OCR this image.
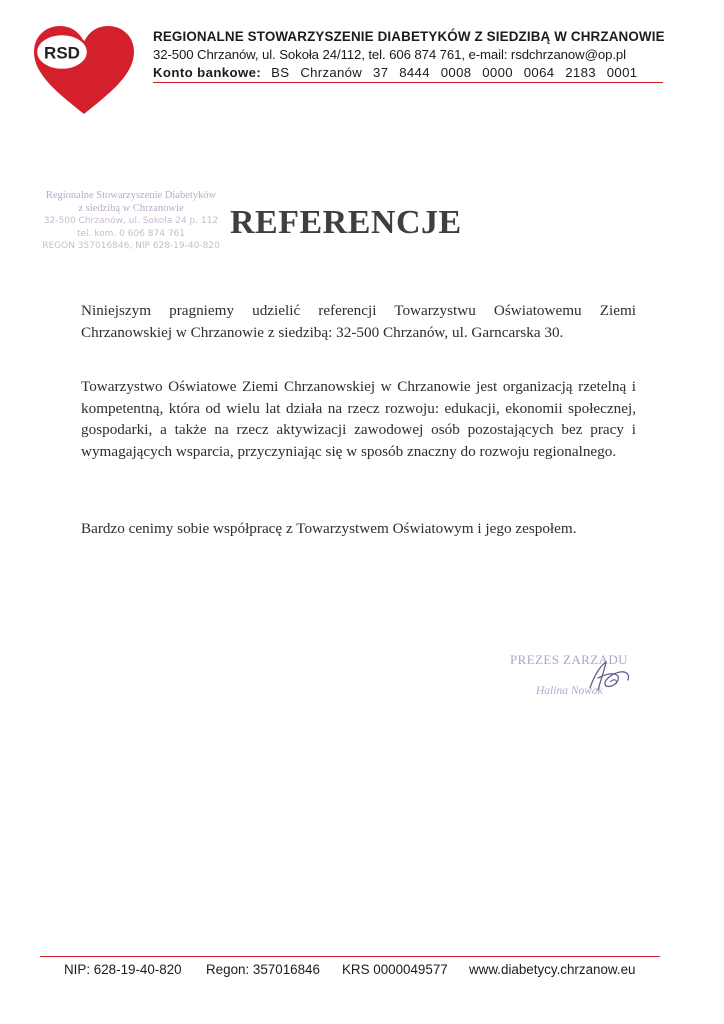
RSD
REGIONALNE STOWARZYSZENIE DIABETYKÓW Z SIEDZIBĄ W CHRZANOWIE
32-500 Chrzanów, ul. Sokoła 24/112, tel. 606 874 761, e-mail: rsdchrzanow@op.pl
Konto bankowe: BS Chrzanów 37 8444 0008 0000 0064 2183 0001
Regionalne Stowarzyszenie Diabetyków
z siedzibą w Chrzanowie
32-500 Chrzanów, ul. Sokoła 24 p. 112
tel. kom. 0 606 874 761
REGON 357016846, NIP 628-19-40-820
REFERENCJE

Niniejszym pragniemy udzielić referencji Towarzystwu Oświatowemu Ziemi Chrzanowskiej w Chrzanowie z siedzibą: 32-500 Chrzanów, ul. Garncarska 30.

Towarzystwo Oświatowe Ziemi Chrzanowskiej w Chrzanowie jest organizacją rzetelną i kompetentną, która od wielu lat działa na rzecz rozwoju: edukacji, ekonomii społecznej, gospodarki, a także na rzecz aktywizacji zawodowej osób pozostających bez pracy i wymagających wsparcia, przyczyniając się w sposób znaczny do rozwoju regionalnego.

Bardzo cenimy sobie współpracę z Towarzystwem Oświatowym i jego zespołem.

PREZES ZARZĄDU
Halina Nowak
NIP: 628-19-40-820 Regon: 357016846 KRS 0000049577 www.diabetycy.chrzanow.eu
